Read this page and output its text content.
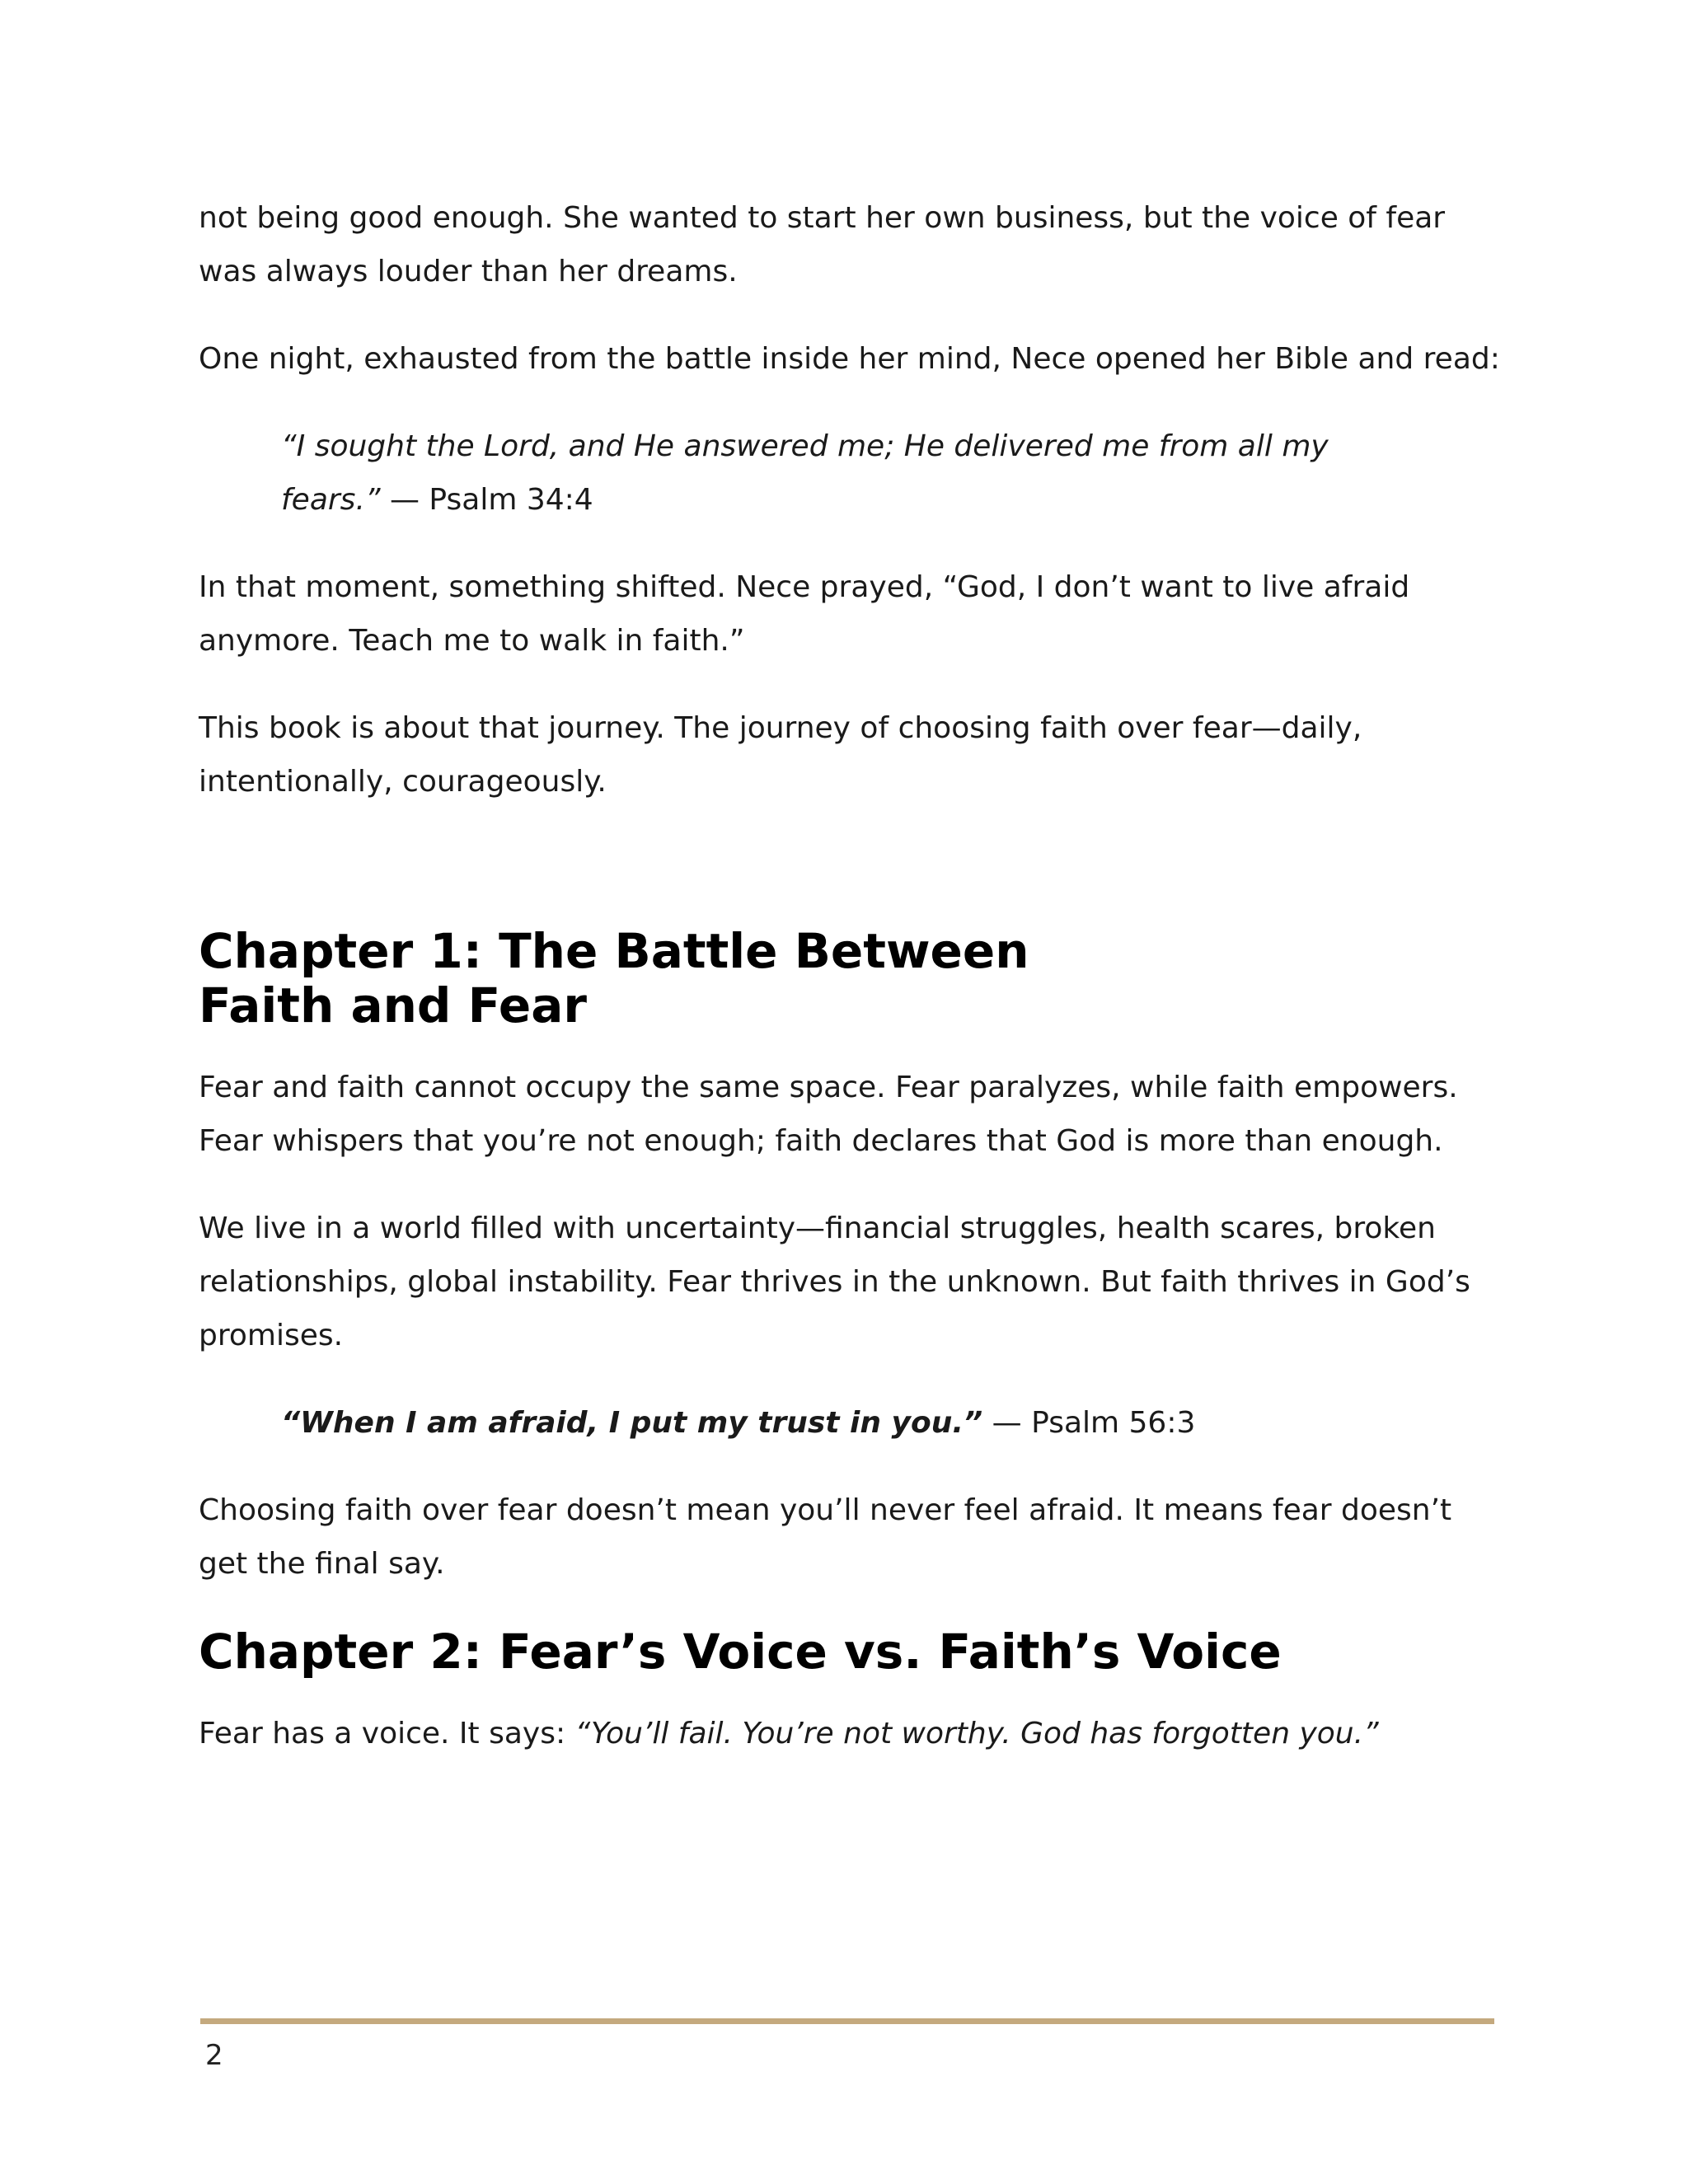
not being good enough. She wanted to start her own business, but the voice of fear was always louder than her dreams.

One night, exhausted from the battle inside her mind, Nece opened her Bible and read:

“I sought the Lord, and He answered me; He delivered me from all my fears.” — Psalm 34:4

In that moment, something shifted. Nece prayed, “God, I don’t want to live afraid anymore. Teach me to walk in faith.”

This book is about that journey. The journey of choosing faith over fear—daily, intentionally, courageously.

Chapter 1: The Battle Between Faith and Fear

Fear and faith cannot occupy the same space. Fear paralyzes, while faith empowers. Fear whispers that you’re not enough; faith declares that God is more than enough.

We live in a world filled with uncertainty—financial struggles, health scares, broken relationships, global instability. Fear thrives in the unknown. But faith thrives in God’s promises.

“When I am afraid, I put my trust in you.” — Psalm 56:3

Choosing faith over fear doesn’t mean you’ll never feel afraid. It means fear doesn’t get the final say.

Chapter 2: Fear’s Voice vs. Faith’s Voice

Fear has a voice. It says: “You’ll fail. You’re not worthy. God has forgotten you.”

2
